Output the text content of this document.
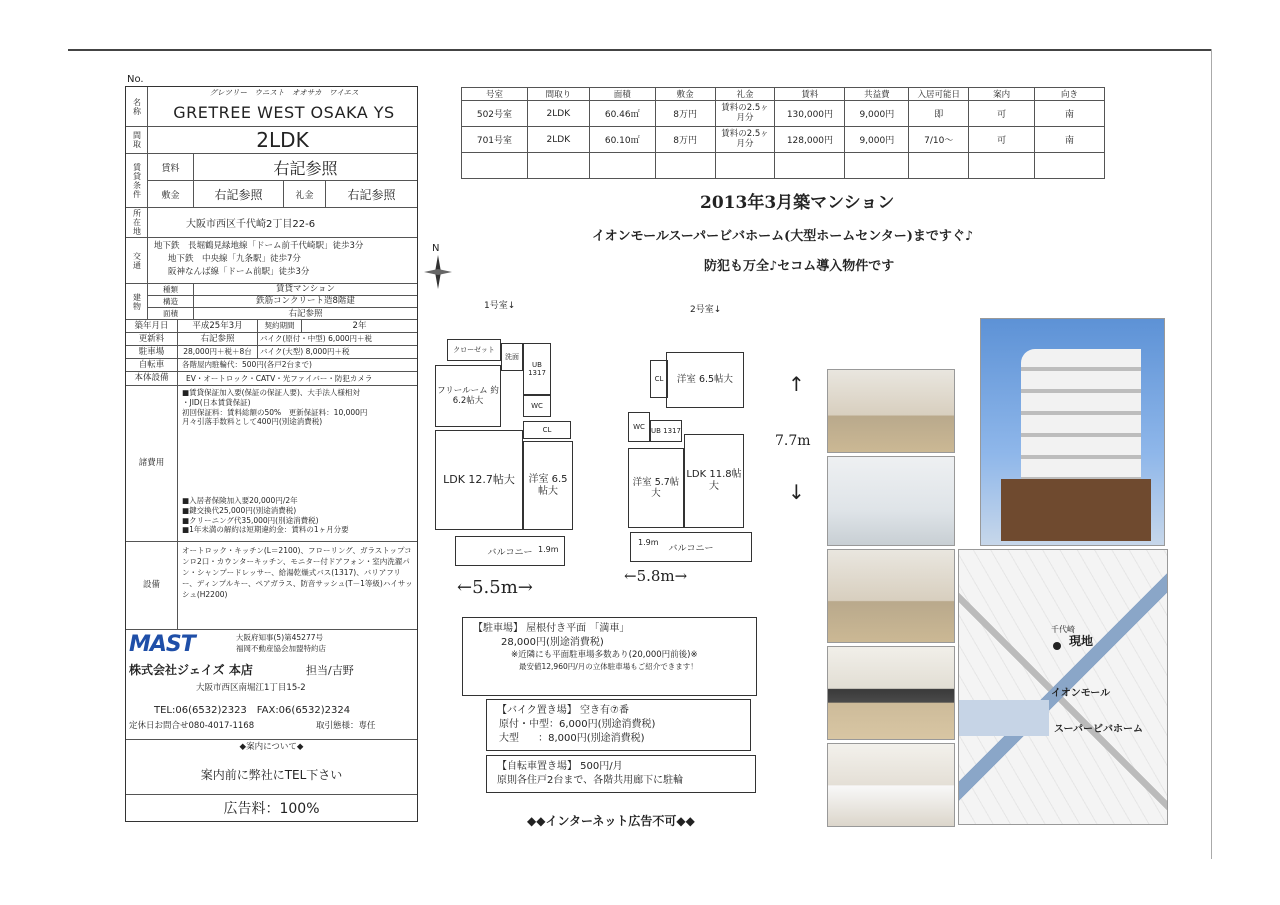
No.
名称
グレツリー　ウニスト　オオサカ　ワイエス
GRETREE WEST OSAKA YS
間取	2LDK
賃貸条件	賃料	右記参照
敷金	右記参照	礼金	右記参照
所在地	大阪市西区千代崎2丁目22-6
交通
地下鉄　長堀鶴見緑地線「ドーム前千代崎駅」徒歩3分
地下鉄　中央線「九条駅」徒歩7分
阪神なんば線「ドーム前駅」徒歩3分
建物
種類	賃貸マンション
構造	鉄筋コンクリート造8階建
面積	右記参照
築年月日	平成25年3月	契約期間	2年
更新料	右記参照	バイク(原付・中型) 6,000円＋税
駐車場	28,000円＋税＋8台	バイク(大型) 8,000円＋税
自転車	各階屋内駐輪代：500円(各戸2台まで)
本体設備	EV・オートロック・CATV・光ファイバー・防犯カメラ
諸費用
■賃貸保証加入要(保証の保証人要)、大手法人様相対
・JID(日本賃貸保証)
初回保証料：賃料総額の50%　更新保証料：10,000円
月々引落手数料として400円(別途消費税)
■入居者保険加入要20,000円/2年
■鍵交換代25,000円(別途消費税)
■クリーニング代35,000円(別途消費税)
■1年未満の解約は短期違約金：賃料の1ヶ月分要
設備
オートロック・キッチン(L＝2100)、フローリング、ガラストップコンロ2口・カウンターキッチン、モニター付ドアフォン・室内洗濯パン・シャンプードレッサー、給湯乾燥式バス(1317)、バリアフリー、ディンプルキー、ペアガラス、防音サッシュ(T－1等級)ハイサッシュ(H2200)
MAST	大阪府知事(5)第45277号
福岡不動産協会加盟特約店
株式会社ジェイズ 本店	担当/吉野
大阪市西区南堀江1丁目15-2
TEL:06(6532)2323　FAX:06(6532)2324
定休日お問合せ080-4017-1168	取引態様：専任
◆案内について◆
案内前に弊社にTEL下さい
広告料：100%
号室	間取り	面積	敷金	礼金	賃料	共益費	入居可能日	案内	向き
502号室	2LDK	60.46㎡	8万円	賃料の2.5ヶ月分	130,000円	9,000円	即	可	南
701号室	2LDK	60.10㎡	8万円	賃料の2.5ヶ月分	128,000円	9,000円	7/10～	可	南

2013年3月築マンション
イオンモールスーパービバホーム(大型ホームセンター)まですぐ♪
防犯も万全♪セコム導入物件です
N
1号室↓	2号室↓
フリールーム 約6.2帖大
クローゼット
洗面
UB 1317
WC
CL
LDK 12.7帖大	洋室 6.5帖大
バルコニー 1.9m
←5.5m→
洋室 6.5帖大
CL
UB 1317
WC
洋室 5.7帖大
LDK 11.8帖大
バルコニー
1.9m
←5.8m→
↑
7.7m
↓
【駐車場】 屋根付き平面 「満車」
28,000円(別途消費税)
※近隣にも平面駐車場多数あり(20,000円前後)※
最安値12,960円/月の立体駐車場もご紹介できます！
【バイク置き場】 空き有⑦番
原付・中型：6,000円(別途消費税)
大型 ：8,000円(別途消費税)
【自転車置き場】 500円/月
原則各住戸2台まで、各階共用廊下に駐輪
◆◆インターネット広告不可◆◆
千代崎
現地
イオンモール
スーパービバホーム
